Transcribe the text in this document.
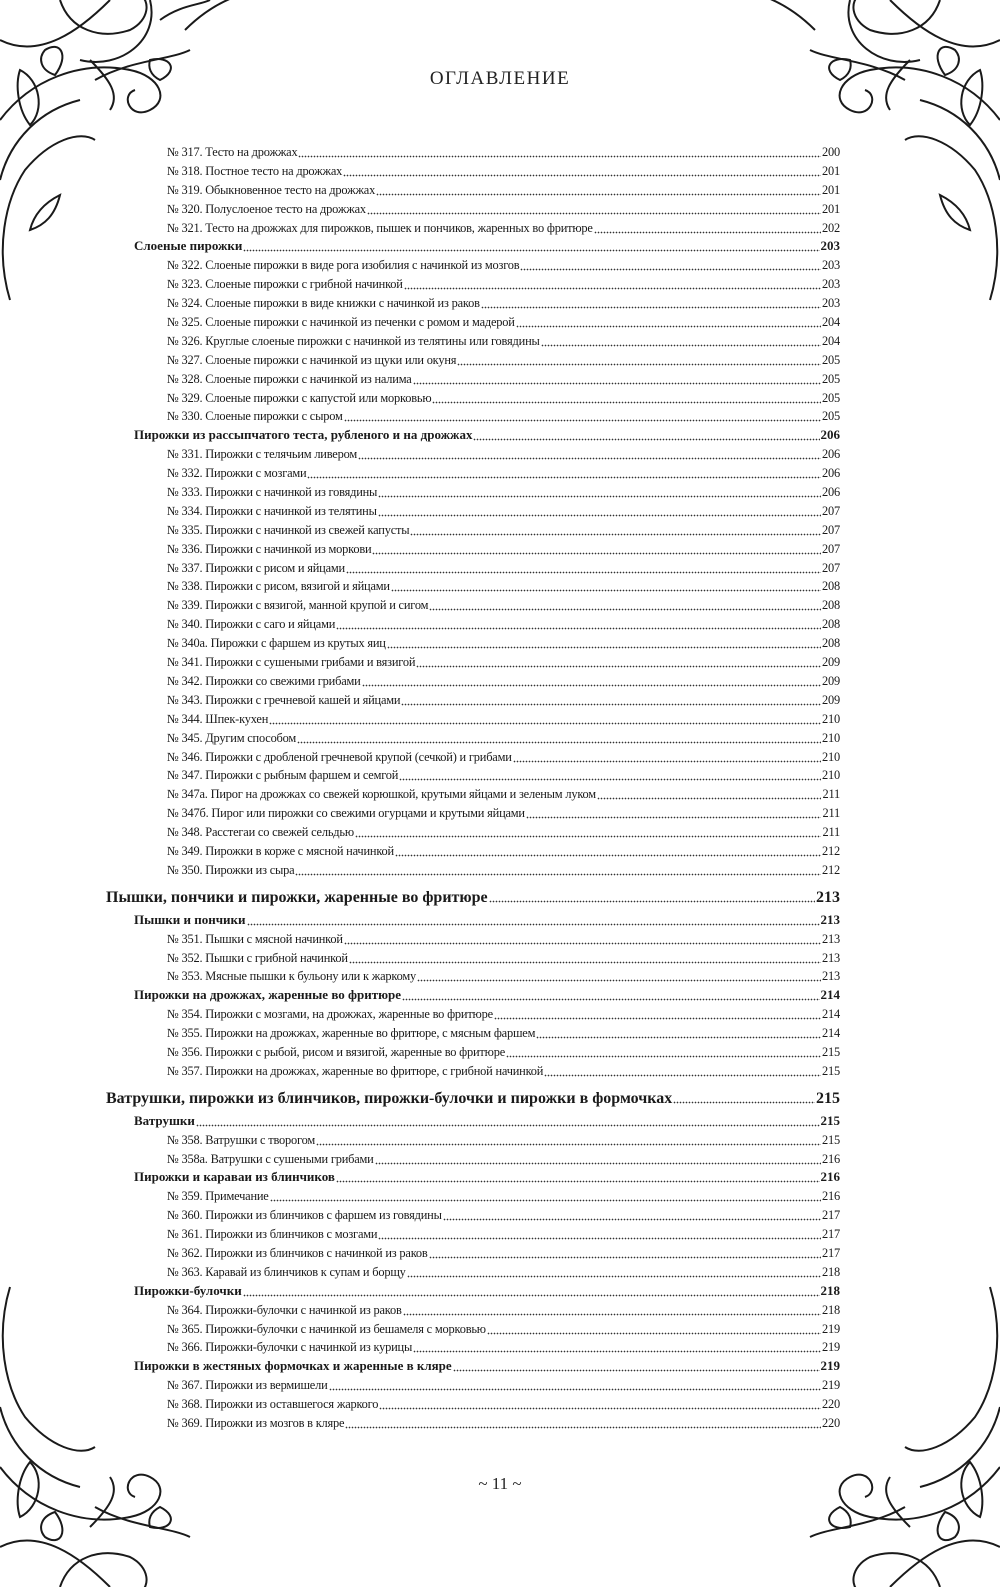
ОГЛАВЛЕНИЕ
№ 317. Тесто на дрожжах	200
№ 318. Постное тесто на дрожжах	201
№ 319. Обыкновенное тесто на дрожжах	201
№ 320. Полуслоеное тесто на дрожжах	201
№ 321. Тесто на дрожжах для пирожков, пышек и пончиков, жаренных во фритюре	202
Слоеные пирожки	203
№ 322. Слоеные пирожки в виде рога изобилия с начинкой из мозгов	203
№ 323. Слоеные пирожки с грибной начинкой	203
№ 324. Слоеные пирожки в виде книжки с начинкой из раков	203
№ 325. Слоеные пирожки с начинкой из печенки с ромом и мадерой	204
№ 326. Круглые слоеные пирожки с начинкой из телятины или говядины	204
№ 327. Слоеные пирожки с начинкой из щуки или окуня	205
№ 328. Слоеные пирожки с начинкой из налима	205
№ 329. Слоеные пирожки с капустой или морковью	205
№ 330. Слоеные пирожки с сыром	205
Пирожки из рассыпчатого теста, рубленого и на дрожжах	206
№ 331. Пирожки с телячьим ливером	206
№ 332. Пирожки с мозгами	206
№ 333. Пирожки с начинкой из говядины	206
№ 334. Пирожки с начинкой из телятины	207
№ 335. Пирожки с начинкой из свежей капусты	207
№ 336. Пирожки с начинкой из моркови	207
№ 337. Пирожки с рисом и яйцами	207
№ 338. Пирожки с рисом, вязигой и яйцами	208
№ 339. Пирожки с вязигой, манной крупой и сигом	208
№ 340. Пирожки с саго и яйцами	208
№ 340а. Пирожки с фаршем из крутых яиц	208
№ 341. Пирожки с сушеными грибами и вязигой	209
№ 342. Пирожки со свежими грибами	209
№ 343. Пирожки с гречневой кашей и яйцами	209
№ 344. Шпек-кухен	210
№ 345. Другим способом	210
№ 346. Пирожки с дробленой гречневой крупой (сечкой) и грибами	210
№ 347. Пирожки с рыбным фаршем и семгой	210
№ 347а. Пирог на дрожжах со свежей корюшкой, крутыми яйцами и зеленым луком	211
№ 347б. Пирог или пирожки со свежими огурцами и крутыми яйцами	211
№ 348. Расстегаи со свежей сельдью	211
№ 349. Пирожки в корже с мясной начинкой	212
№ 350. Пирожки из сыра	212
Пышки, пончики и пирожки, жаренные во фритюре	213
Пышки и пончики	213
№ 351. Пышки с мясной начинкой	213
№ 352. Пышки с грибной начинкой	213
№ 353. Мясные пышки к бульону или к жаркому	213
Пирожки на дрожжах, жаренные во фритюре	214
№ 354. Пирожки с мозгами, на дрожжах, жаренные во фритюре	214
№ 355. Пирожки на дрожжах, жаренные во фритюре, с мясным фаршем	214
№ 356. Пирожки с рыбой, рисом и вязигой, жаренные во фритюре	215
№ 357. Пирожки на дрожжах, жаренные во фритюре, с грибной начинкой	215
Ватрушки, пирожки из блинчиков, пирожки-булочки и пирожки в формочках	215
Ватрушки	215
№ 358. Ватрушки с творогом	215
№ 358а. Ватрушки с сушеными грибами	216
Пирожки и караваи из блинчиков	216
№ 359. Примечание	216
№ 360. Пирожки из блинчиков с фаршем из говядины	217
№ 361. Пирожки из блинчиков с мозгами	217
№ 362. Пирожки из блинчиков с начинкой из раков	217
№ 363. Каравай из блинчиков к супам и борщу	218
Пирожки-булочки	218
№ 364. Пирожки-булочки с начинкой из раков	218
№ 365. Пирожки-булочки с начинкой из бешамеля с морковью	219
№ 366. Пирожки-булочки с начинкой из курицы	219
Пирожки в жестяных формочках и жаренные в кляре	219
№ 367. Пирожки из вермишели	219
№ 368. Пирожки из оставшегося жаркого	220
№ 369. Пирожки из мозгов в кляре	220
~ 11 ~
